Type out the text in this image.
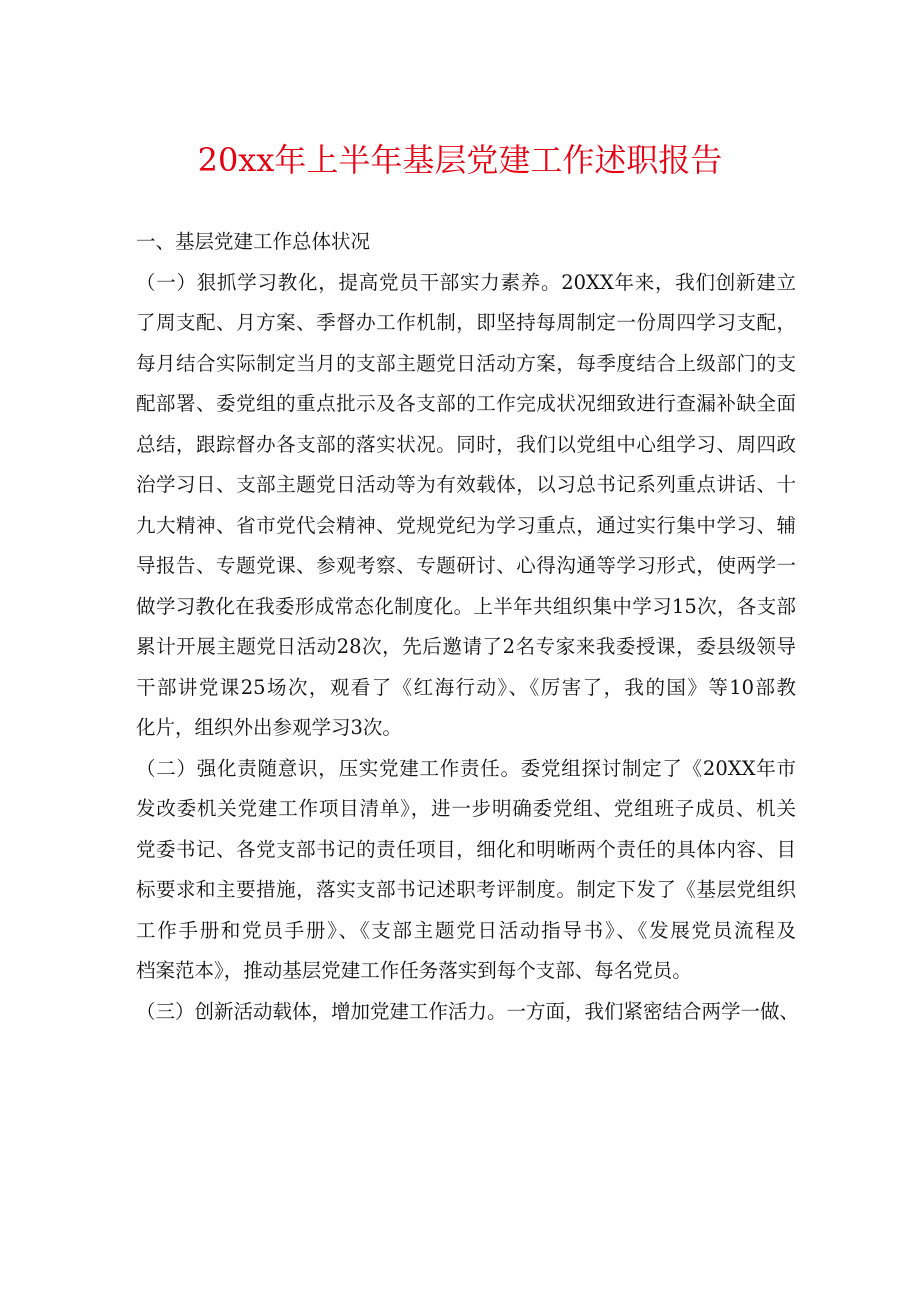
20xx年上半年基层党建工作述职报告

一、基层党建工作总体状况

（一）狠抓学习教化，提高党员干部实力素养。20XX年来，我们创新建立

了周支配、月方案、季督办工作机制，即坚持每周制定一份周四学习支配，

每月结合实际制定当月的支部主题党日活动方案，每季度结合上级部门的支

配部署、委党组的重点批示及各支部的工作完成状况细致进行查漏补缺全面

总结，跟踪督办各支部的落实状况。同时，我们以党组中心组学习、周四政

治学习日、支部主题党日活动等为有效载体，以习总书记系列重点讲话、十

九大精神、省市党代会精神、党规党纪为学习重点，通过实行集中学习、辅

导报告、专题党课、参观考察、专题研讨、心得沟通等学习形式，使两学一

做学习教化在我委形成常态化制度化。上半年共组织集中学习15次，各支部

累计开展主题党日活动28次，先后邀请了2名专家来我委授课，委县级领导

干部讲党课25场次，观看了《红海行动》、《厉害了，我的国》等10部教

化片，组织外出参观学习3次。

（二）强化责随意识，压实党建工作责任。委党组探讨制定了《20XX年市

发改委机关党建工作项目清单》，进一步明确委党组、党组班子成员、机关

党委书记、各党支部书记的责任项目，细化和明晰两个责任的具体内容、目

标要求和主要措施，落实支部书记述职考评制度。制定下发了《基层党组织

工作手册和党员手册》、《支部主题党日活动指导书》、《发展党员流程及

档案范本》，推动基层党建工作任务落实到每个支部、每名党员。

（三）创新活动载体，增加党建工作活力。一方面，我们紧密结合两学一做、
